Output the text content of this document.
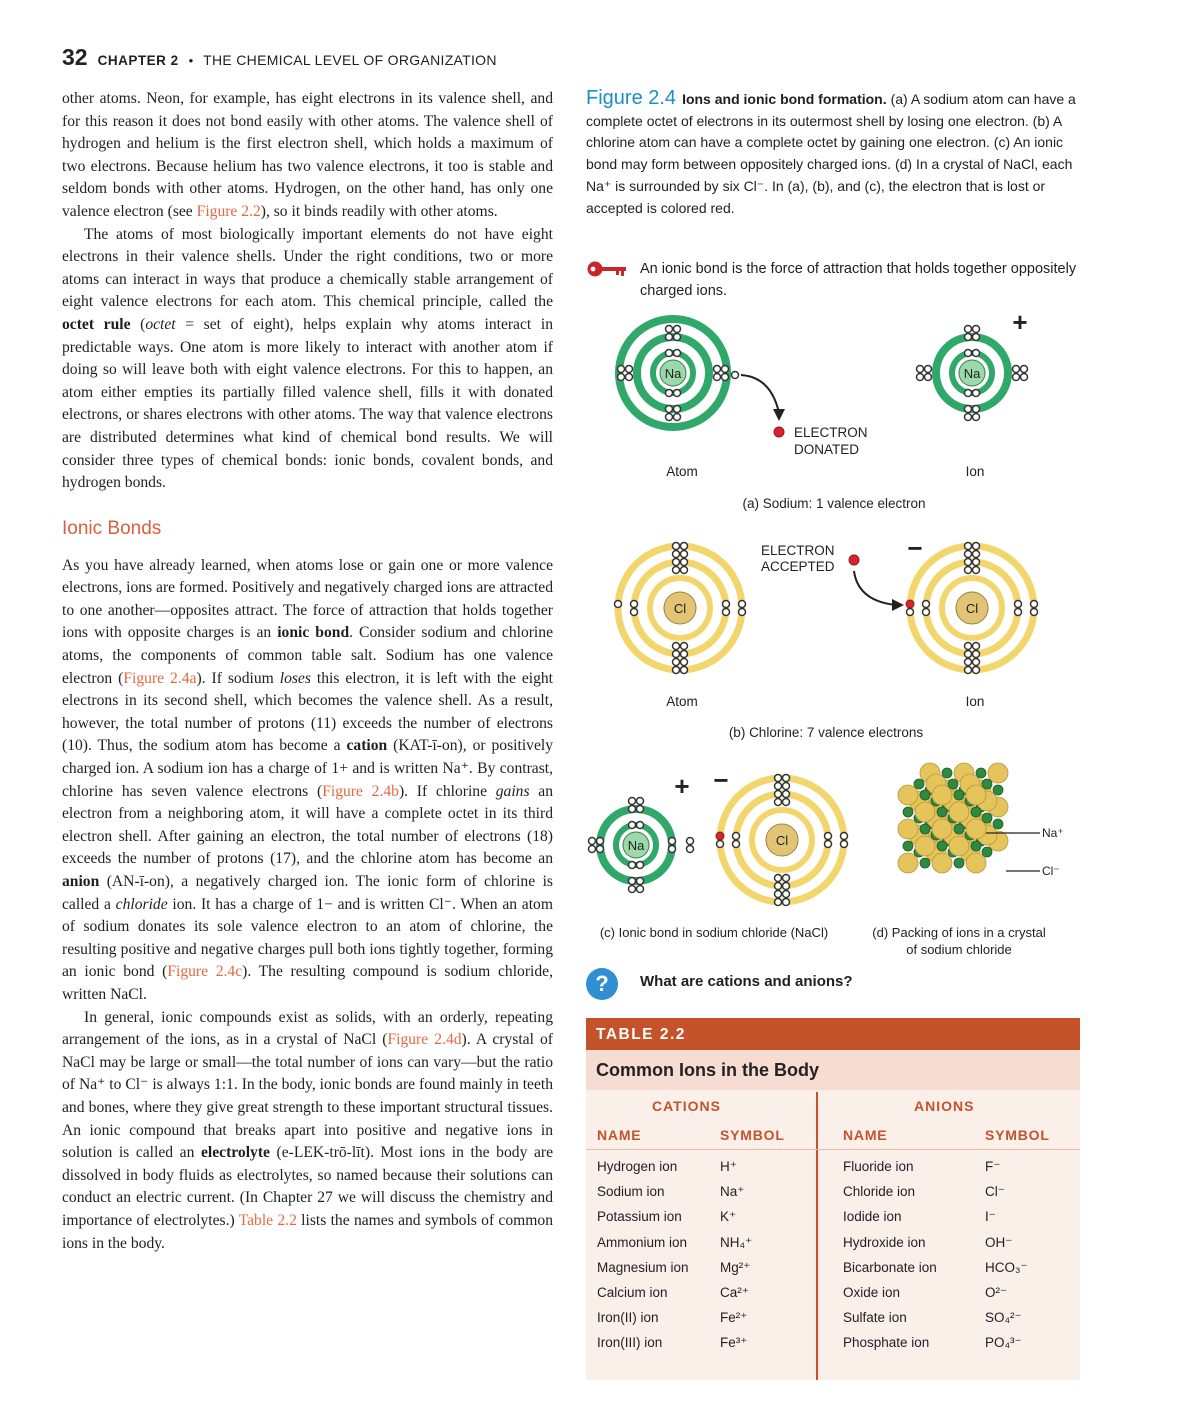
32 CHAPTER 2 • THE CHEMICAL LEVEL OF ORGANIZATION

other atoms. Neon, for example, has eight electrons in its valence shell, and for this reason it does not bond easily with other atoms. The valence shell of hydrogen and helium is the first electron shell, which holds a maximum of two electrons. Because helium has two valence electrons, it too is stable and seldom bonds with other atoms. Hydrogen, on the other hand, has only one valence electron (see Figure 2.2), so it binds readily with other atoms.

The atoms of most biologically important elements do not have eight electrons in their valence shells. Under the right conditions, two or more atoms can interact in ways that produce a chemically stable arrangement of eight valence electrons for each atom. This chemical principle, called the octet rule (octet = set of eight), helps explain why atoms interact in predictable ways. One atom is more likely to interact with another atom if doing so will leave both with eight valence electrons. For this to happen, an atom either empties its partially filled valence shell, fills it with donated electrons, or shares electrons with other atoms. The way that valence electrons are distributed determines what kind of chemical bond results. We will consider three types of chemical bonds: ionic bonds, covalent bonds, and hydrogen bonds.

Ionic Bonds

As you have already learned, when atoms lose or gain one or more valence electrons, ions are formed. Positively and negatively charged ions are attracted to one another—opposites attract. The force of attraction that holds together ions with opposite charges is an ionic bond. Consider sodium and chlorine atoms, the components of common table salt. Sodium has one valence electron (Figure 2.4a). If sodium loses this electron, it is left with the eight electrons in its second shell, which becomes the valence shell. As a result, however, the total number of protons (11) exceeds the number of electrons (10). Thus, the sodium atom has become a cation (KAT-ī-on), or positively charged ion. A sodium ion has a charge of 1+ and is written Na⁺. By contrast, chlorine has seven valence electrons (Figure 2.4b). If chlorine gains an electron from a neighboring atom, it will have a complete octet in its third electron shell. After gaining an electron, the total number of electrons (18) exceeds the number of protons (17), and the chlorine atom has become an anion (AN-ī-on), a negatively charged ion. The ionic form of chlorine is called a chloride ion. It has a charge of 1− and is written Cl⁻. When an atom of sodium donates its sole valence electron to an atom of chlorine, the resulting positive and negative charges pull both ions tightly together, forming an ionic bond (Figure 2.4c). The resulting compound is sodium chloride, written NaCl.

In general, ionic compounds exist as solids, with an orderly, repeating arrangement of the ions, as in a crystal of NaCl (Figure 2.4d). A crystal of NaCl may be large or small—the total number of ions can vary—but the ratio of Na⁺ to Cl⁻ is always 1:1. In the body, ionic bonds are found mainly in teeth and bones, where they give great strength to these important structural tissues. An ionic compound that breaks apart into positive and negative ions in solution is called an electrolyte (e-LEK-trō-līt). Most ions in the body are dissolved in body fluids as electrolytes, so named because their solutions can conduct an electric current. (In Chapter 27 we will discuss the chemistry and importance of electrolytes.) Table 2.2 lists the names and symbols of common ions in the body.

Figure 2.4 Ions and ionic bond formation. (a) A sodium atom can have a complete octet of electrons in its outermost shell by losing one electron. (b) A chlorine atom can have a complete octet by gaining one electron. (c) An ionic bond may form between oppositely charged ions. (d) In a crystal of NaCl, each Na⁺ is surrounded by six Cl⁻. In (a), (b), and (c), the electron that is lost or accepted is colored red.
An ionic bond is the force of attraction that holds together oppositely charged ions.
Na
ELECTRON
DONATED
Atom
Na
+
Ion
(a) Sodium: 1 valence electron
Cl
Atom
ELECTRON
ACCEPTED
−
Cl
Ion
(b) Chlorine: 7 valence electrons
Na
+ −
Cl
(c) Ionic bond in sodium chloride (NaCl)
Na⁺
Cl⁻
(d) Packing of ions in a crystal
of sodium chloride
?	What are cations and anions?
TABLE 2.2
Common Ions in the Body
CATIONS	ANIONS
NAME	SYMBOL	NAME	SYMBOL
Hydrogen ion	H⁺	Fluoride ion	F⁻
Sodium ion	Na⁺	Chloride ion	Cl⁻
Potassium ion	K⁺	Iodide ion	I⁻
Ammonium ion NH₄⁺	Hydroxide ion	OH⁻
Magnesium ion Mg²⁺	Bicarbonate ion	HCO₃⁻
Calcium ion	Ca²⁺	Oxide ion	O²⁻
Iron(II) ion	Fe²⁺	Sulfate ion	SO₄²⁻
Iron(III) ion	Fe³⁺	Phosphate ion	PO₄³⁻
